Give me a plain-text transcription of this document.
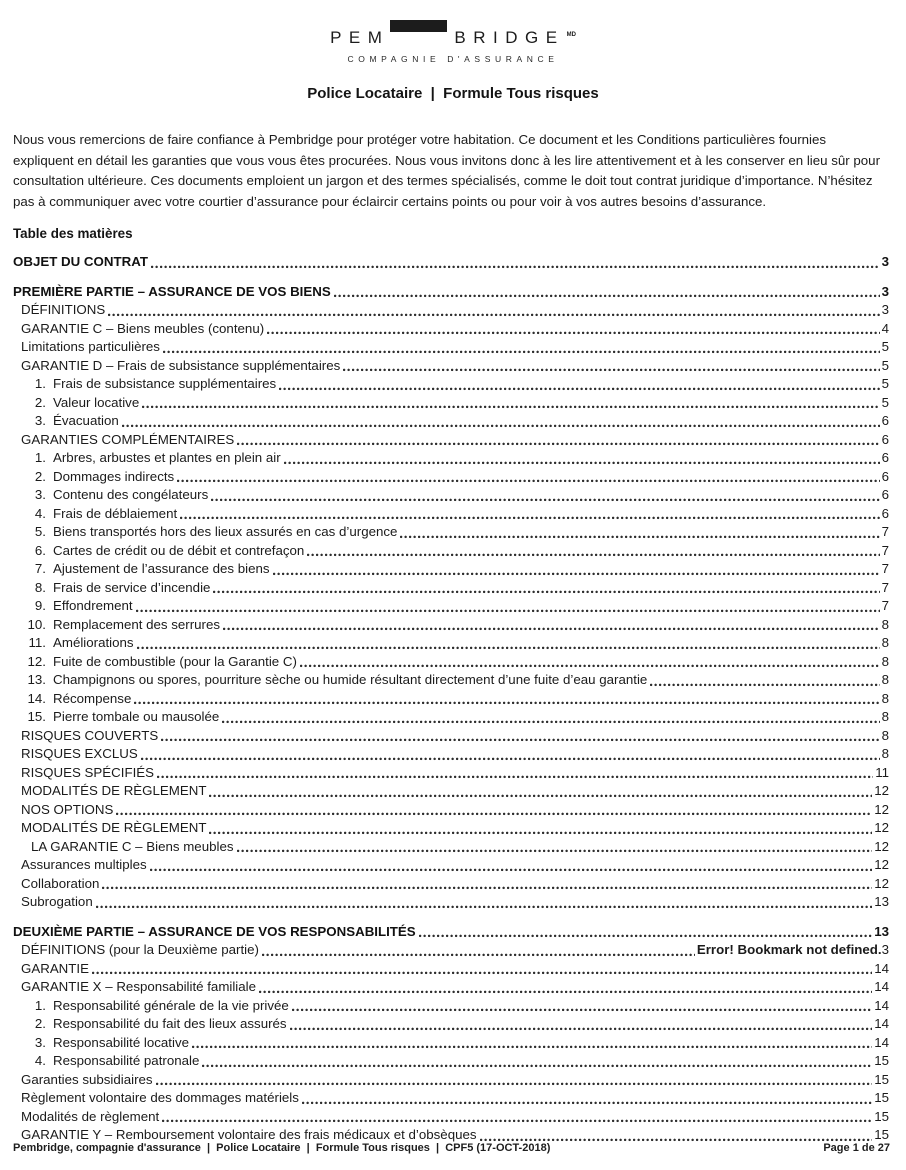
PEM	BRIDGE MD
COMPAGNIE D'ASSURANCE
Police Locataire  |  Formule Tous risques
Nous vous remercions de faire confiance à Pembridge pour protéger votre habitation. Ce document et les Conditions particulières fournies
expliquent en détail les garanties que vous vous êtes procurées. Nous vous invitons donc à les lire attentivement et à les conserver en lieu sûr pour
consultation ultérieure. Ces documents emploient un jargon et des termes spécialisés, comme le doit tout contrat juridique d’importance. N’hésitez
pas à communiquer avec votre courtier d’assurance pour éclaircir certains points ou pour voir à vos autres besoins d’assurance.
Table des matières
OBJET DU CONTRAT	3
PREMIÈRE PARTIE – ASSURANCE DE VOS BIENS	3
DÉFINITIONS	3
GARANTIE C – Biens meubles (contenu)	4
Limitations particulières	5
GARANTIE D – Frais de subsistance supplémentaires	5
1. Frais de subsistance supplémentaires	5
2. Valeur locative	5
3. Évacuation	6
GARANTIES COMPLÉMENTAIRES	6
1. Arbres, arbustes et plantes en plein air	6
2. Dommages indirects	6
3. Contenu des congélateurs	6
4. Frais de déblaiement	6
5. Biens transportés hors des lieux assurés en cas d’urgence	7
6. Cartes de crédit ou de débit et contrefaçon	7
7. Ajustement de l’assurance des biens	7
8. Frais de service d’incendie	7
9. Effondrement	7
10. Remplacement des serrures	8
11. Améliorations	8
12. Fuite de combustible (pour la Garantie C)	8
13. Champignons ou spores, pourriture sèche ou humide résultant directement d’une fuite d’eau garantie	8
14. Récompense	8
15. Pierre tombale ou mausolée	8
RISQUES COUVERTS	8
RISQUES EXCLUS	8
RISQUES SPÉCIFIÉS	11
MODALITÉS DE RÈGLEMENT	12
NOS OPTIONS	12
MODALITÉS DE RÈGLEMENT	12
LA GARANTIE C – Biens meubles	12
Assurances multiples	12
Collaboration	12
Subrogation	13
DEUXIÈME PARTIE – ASSURANCE DE VOS RESPONSABILITÉS	13
DÉFINITIONS (pour la Deuxième partie)	Error! Bookmark not defined. 3
GARANTIE	14
GARANTIE X – Responsabilité familiale	14
1. Responsabilité générale de la vie privée	14
2. Responsabilité du fait des lieux assurés	14
3. Responsabilité locative	14
4. Responsabilité patronale	15
Garanties subsidiaires	15
Règlement volontaire des dommages matériels	15
Modalités de règlement	15
GARANTIE Y – Remboursement volontaire des frais médicaux et d’obsèques	15
Pembridge, compagnie d'assurance  |  Police Locataire  |  Formule Tous risques  |  CPF5 (17-OCT-2018)	Page 1 de 27
